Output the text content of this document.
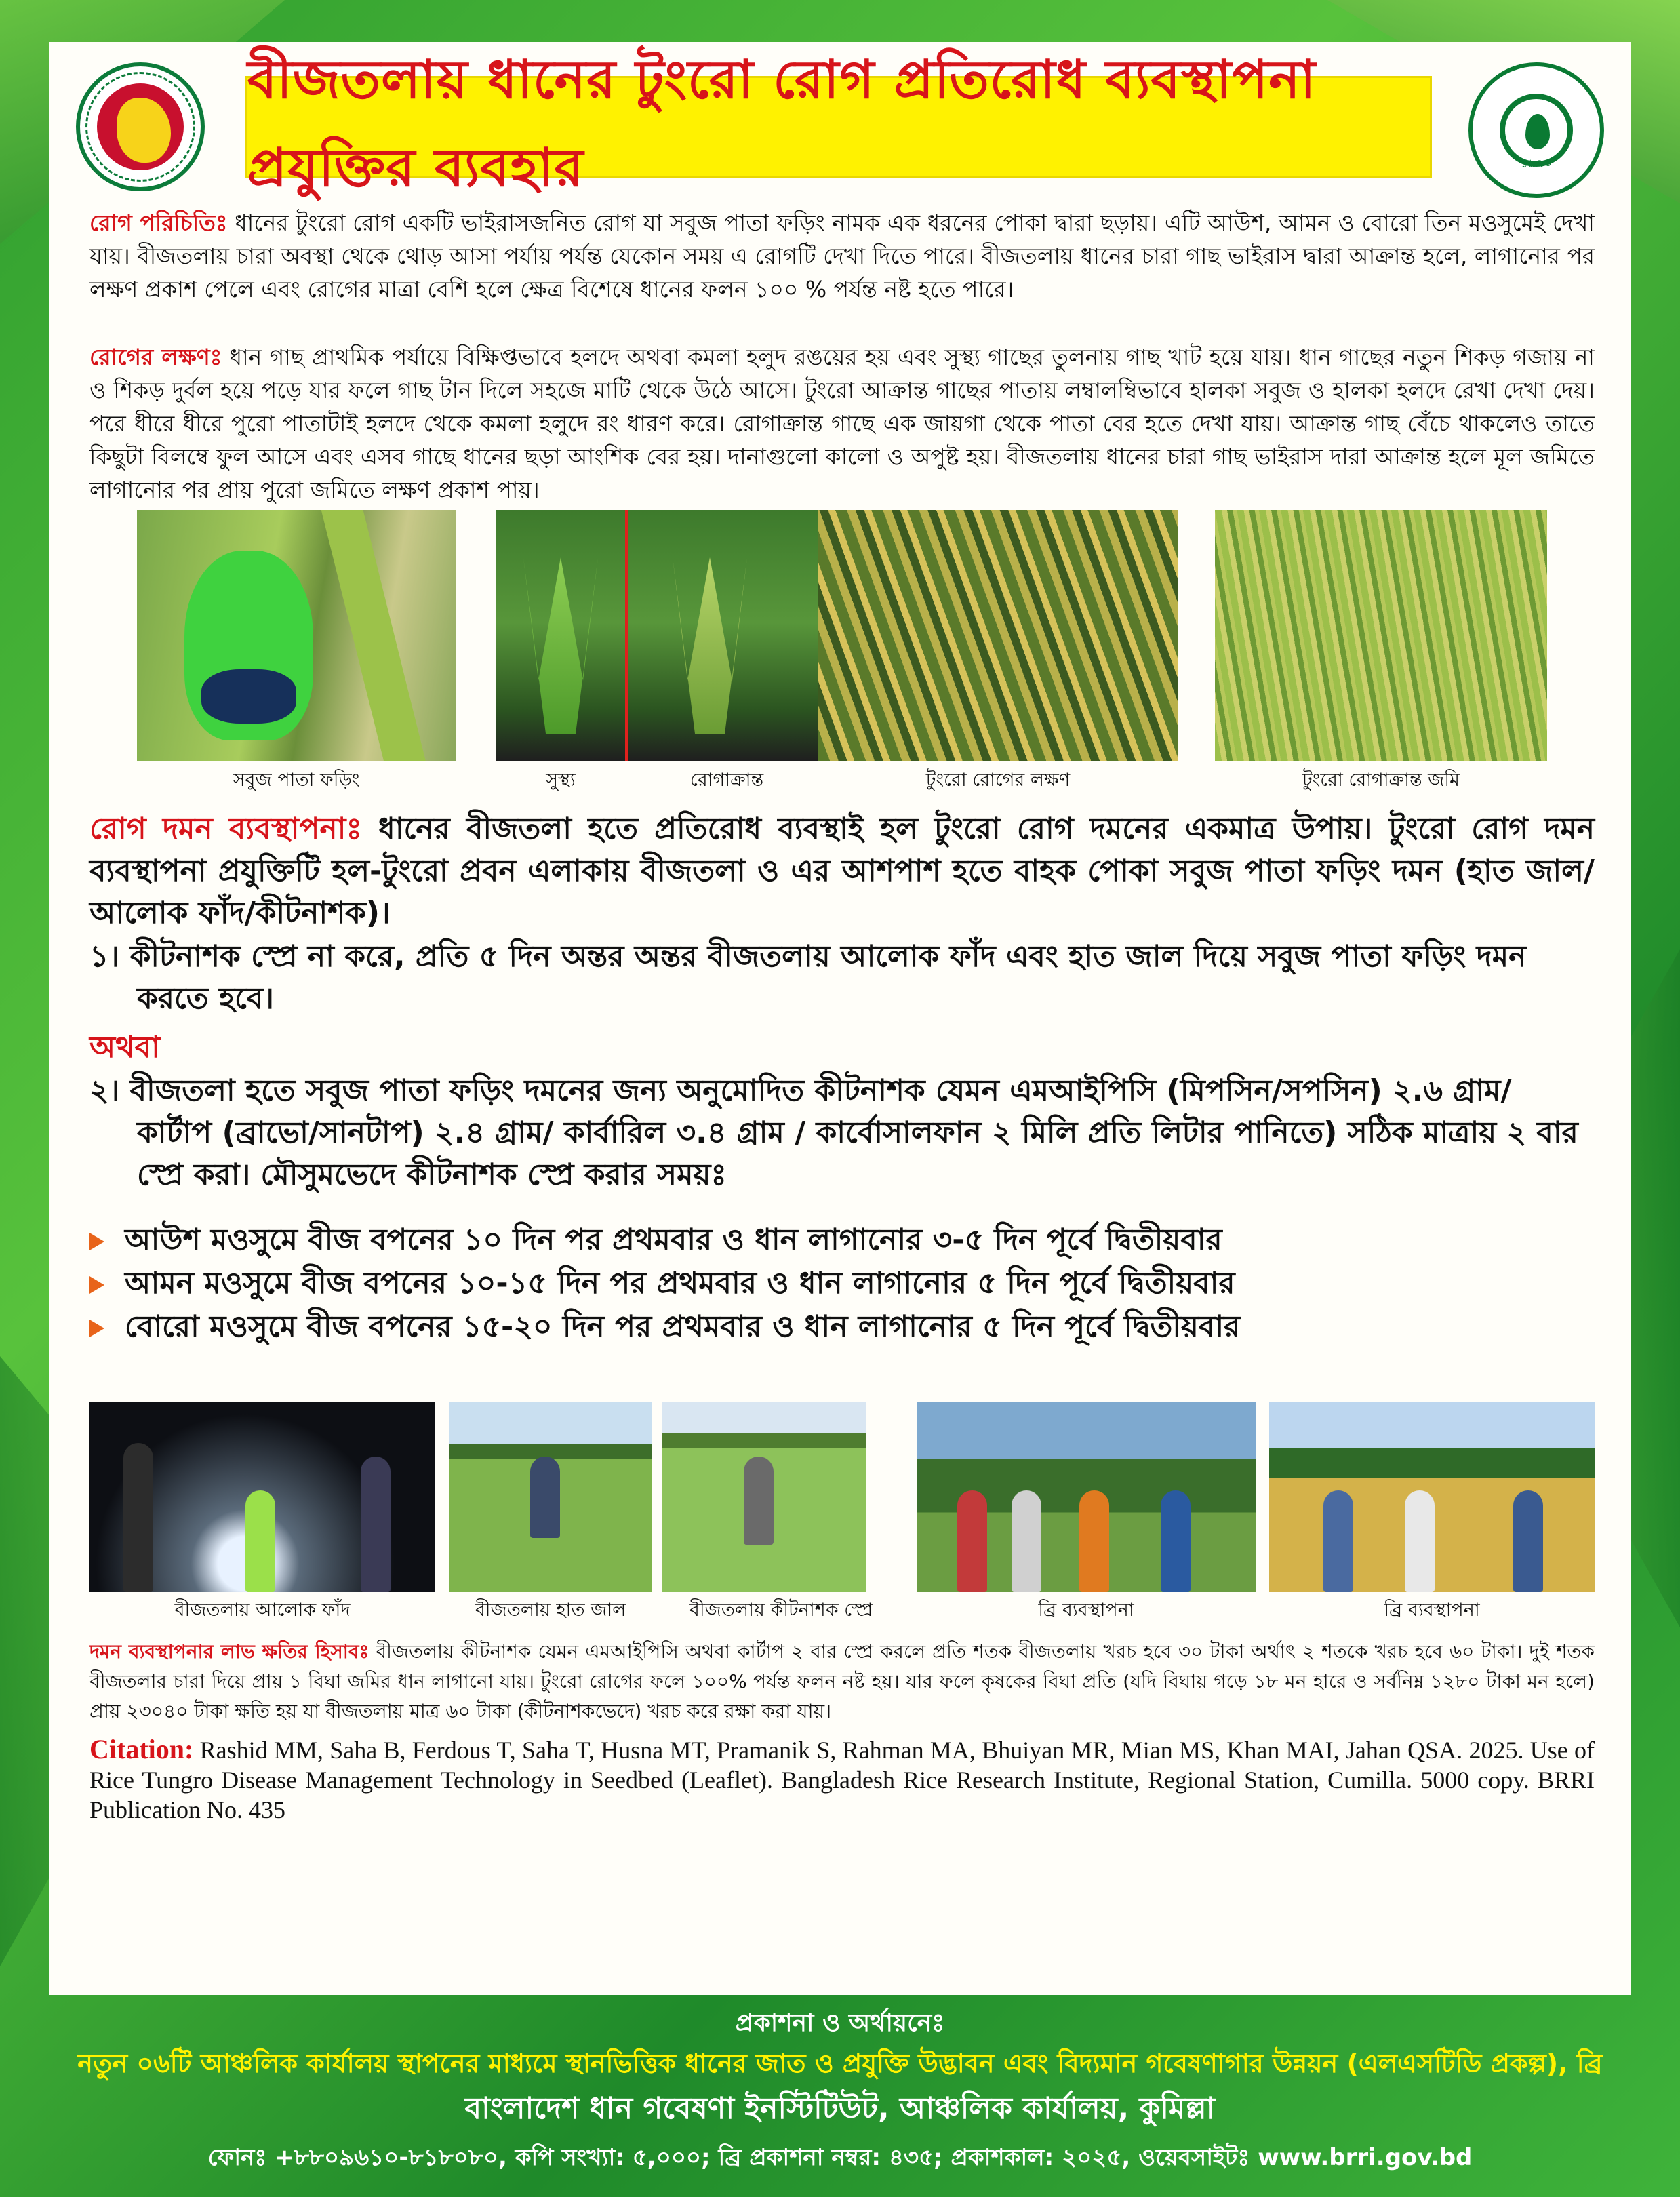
বীজতলায় ধানের টুংরো রোগ প্রতিরোধ ব্যবস্থাপনা প্রযুক্তির ব্যবহার	১৯৭০

রোগ পরিচিতিঃ ধানের টুংরো রোগ একটি ভাইরাসজনিত রোগ যা সবুজ পাতা ফড়িং নামক এক ধরনের পোকা দ্বারা ছড়ায়। এটি আউশ, আমন ও বোরো তিন মওসুমেই দেখা যায়। বীজতলায় চারা অবস্থা থেকে থোড় আসা পর্যায় পর্যন্ত যেকোন সময় এ রোগটি দেখা দিতে পারে। বীজতলায় ধানের চারা গাছ ভাইরাস দ্বারা আক্রান্ত হলে, লাগানোর পর লক্ষণ প্রকাশ পেলে এবং রোগের মাত্রা বেশি হলে ক্ষেত্র বিশেষে ধানের ফলন ১০০ % পর্যন্ত নষ্ট হতে পারে।

রোগের লক্ষণঃ ধান গাছ প্রাথমিক পর্যায়ে বিক্ষিপ্তভাবে হলদে অথবা কমলা হলুদ রঙয়ের হয় এবং সুস্থ্য গাছের তুলনায় গাছ খাট হয়ে যায়। ধান গাছের নতুন শিকড় গজায় না ও শিকড় দুর্বল হয়ে পড়ে যার ফলে গাছ টান দিলে সহজে মাটি থেকে উঠে আসে। টুংরো আক্রান্ত গাছের পাতায় লম্বালম্বিভাবে হালকা সবুজ ও হালকা হলদে রেখা দেখা দেয়। পরে ধীরে ধীরে পুরো পাতাটাই হলদে থেকে কমলা হলুদে রং ধারণ করে। রোগাক্রান্ত গাছে এক জায়গা থেকে পাতা বের হতে দেখা যায়। আক্রান্ত গাছ বেঁচে থাকলেও তাতে কিছুটা বিলম্বে ফুল আসে এবং এসব গাছে ধানের ছড়া আংশিক বের হয়। দানাগুলো কালো ও অপুষ্ট হয়। বীজতলায় ধানের চারা গাছ ভাইরাস দারা আক্রান্ত হলে মূল জমিতে লাগানোর পর প্রায় পুরো জমিতে লক্ষণ প্রকাশ পায়।

সবুজ পাতা ফড়িং	সুস্থ্য	রোগাক্রান্ত	টুংরো রোগের লক্ষণ	টুংরো রোগাক্রান্ত জমি

রোগ দমন ব্যবস্থাপনাঃ ধানের বীজতলা হতে প্রতিরোধ ব্যবস্থাই হল টুংরো রোগ দমনের একমাত্র উপায়। টুংরো রোগ দমন ব্যবস্থাপনা প্রযুক্তিটি হল-টুংরো প্রবন এলাকায় বীজতলা ও এর আশপাশ হতে বাহক পোকা সবুজ পাতা ফড়িং দমন (হাত জাল/ আলোক ফাঁদ/কীটনাশক)।

১। কীটনাশক স্প্রে না করে, প্রতি ৫ দিন অন্তর অন্তর বীজতলায় আলোক ফাঁদ এবং হাত জাল দিয়ে সবুজ পাতা ফড়িং দমন করতে হবে।

অথবা

২। বীজতলা হতে সবুজ পাতা ফড়িং দমনের জন্য অনুমোদিত কীটনাশক যেমন এমআইপিসি (মিপসিন/সপসিন) ২.৬ গ্রাম/ কার্টাপ (ব্রাভো/সানটাপ) ২.৪ গ্রাম/ কার্বারিল ৩.৪ গ্রাম / কার্বোসালফান ২ মিলি প্রতি লিটার পানিতে) সঠিক মাত্রায় ২ বার স্প্রে করা। মৌসুমভেদে কীটনাশক স্প্রে করার সময়ঃ

আউশ মওসুমে বীজ বপনের ১০ দিন পর প্রথমবার ও ধান লাগানোর ৩-৫ দিন পূর্বে দ্বিতীয়বার
আমন মওসুমে বীজ বপনের ১০-১৫ দিন পর প্রথমবার ও ধান লাগানোর ৫ দিন পূর্বে দ্বিতীয়বার
বোরো মওসুমে বীজ বপনের ১৫-২০ দিন পর প্রথমবার ও ধান লাগানোর ৫ দিন পূর্বে দ্বিতীয়বার
বীজতলায় আলোক ফাঁদ	বীজতলায় হাত জাল	বীজতলায় কীটনাশক স্প্রে	ব্রি ব্যবস্থাপনা	ব্রি ব্যবস্থাপনা

দমন ব্যবস্থাপনার লাভ ক্ষতির হিসাবঃ বীজতলায় কীটনাশক যেমন এমআইপিসি অথবা কার্টাপ ২ বার স্প্রে করলে প্রতি শতক বীজতলায় খরচ হবে ৩০ টাকা অর্থাৎ ২ শতকে খরচ হবে ৬০ টাকা। দুই শতক বীজতলার চারা দিয়ে প্রায় ১ বিঘা জমির ধান লাগানো যায়। টুংরো রোগের ফলে ১০০% পর্যন্ত ফলন নষ্ট হয়। যার ফলে কৃষকের বিঘা প্রতি (যদি বিঘায় গড়ে ১৮ মন হারে ও সর্বনিম্ন ১২৮০ টাকা মন হলে) প্রায় ২৩০৪০ টাকা ক্ষতি হয় যা বীজতলায় মাত্র ৬০ টাকা (কীটনাশকভেদে) খরচ করে রক্ষা করা যায়।

Citation: Rashid MM, Saha B, Ferdous T, Saha T, Husna MT, Pramanik S, Rahman MA, Bhuiyan MR, Mian MS, Khan MAI, Jahan QSA. 2025. Use of Rice Tungro Disease Management Technology in Seedbed (Leaflet). Bangladesh Rice Research Institute, Regional Station, Cumilla. 5000 copy. BRRI Publication No. 435

প্রকাশনা ও অর্থায়নেঃ
নতুন ০৬টি আঞ্চলিক কার্যালয় স্থাপনের মাধ্যমে স্থানভিত্তিক ধানের জাত ও প্রযুক্তি উদ্ভাবন এবং বিদ্যমান গবেষণাগার উন্নয়ন (এলএসটিডি প্রকল্প), ব্রি
বাংলাদেশ ধান গবেষণা ইনস্টিটিউট, আঞ্চলিক কার্যালয়, কুমিল্লা
ফোনঃ +৮৮০৯৬১০-৮১৮০৮০, কপি সংখ্যা: ৫,০০০; ব্রি প্রকাশনা নম্বর: ৪৩৫; প্রকাশকাল: ২০২৫, ওয়েবসাইটঃ www.brri.gov.bd
